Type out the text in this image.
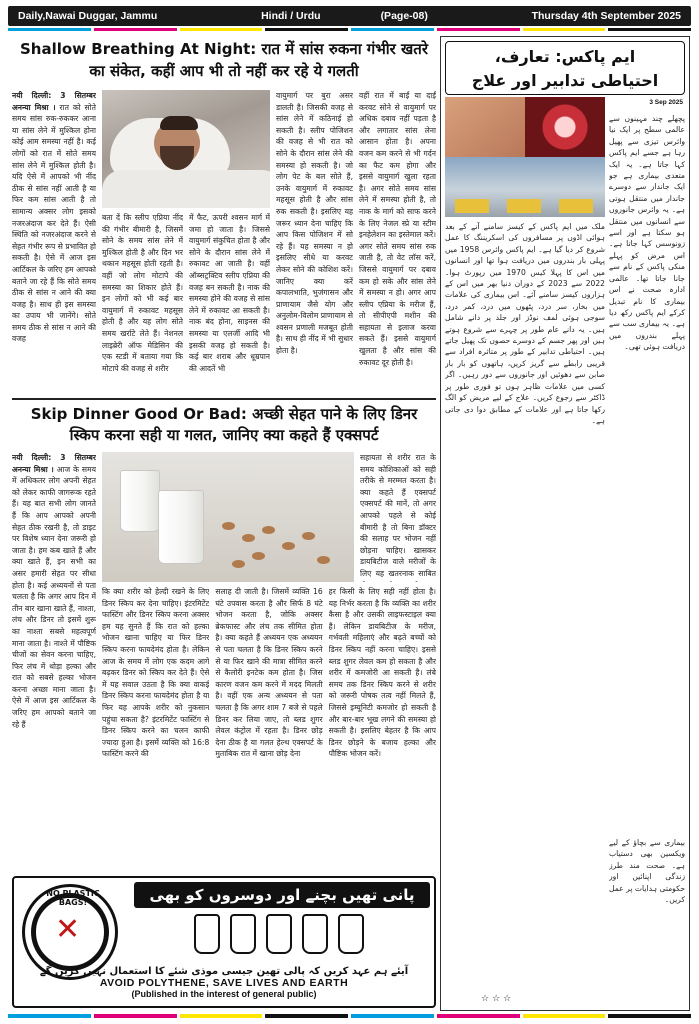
Daily,Nawai Duggar, Jammu	Hindi / Urdu	(Page-08)	Thursday 4th September 2025
Shallow Breathing At Night: रात में सांस रुकना गंभीर खतरे का संकेत, कहीं आप भी तो नहीं कर रहे ये गलती
नयी दिल्ली: 3 सितम्बर अनन्या मिश्रा । रात को सोते समय सांस रुक-रुककर आना या सांस लेने में मुश्किल होना कोई आम समस्या नहीं है। कई लोगों को रात में सोते समय सांस लेने में मुश्किल होती है। यदि ऐसे में आपको भी नींद ठीक से सांस नहीं आती है या फिर कम सांस आती है तो सामान्य अक्सर लोग इसको नजरअंदाज कर देते हैं। ऐसी स्थिति को नजरअंदाज करने से सेहत गंभीर रूप से प्रभावित हो सकती है। ऐसे में आज इस आर्टिकल के जरिए हम आपको बताने जा रहे हैं कि सोते समय ठीक से सांस न आने की क्या वजह है। साथ ही इस समस्या का उपाय भी जानेंगे। सोते समय ठीक से सांस न आने की वजह
बता दें कि स्लीप एप्निया नींद की गंभीर बीमारी है, जिसमें सोने के समय सांस लेने में मुश्किल होती है और दिन भर थकान महसूस होती रहती है। वहीं जो लोग मोटापे की समस्या का शिकार होते हैं। इन लोगों को भी कई बार वायुमार्ग में रुकावट महसूस होती है और यह लोग सोते समय खर्राटे लेते हैं। नेशनल लाइब्रेरी ऑफ मेडिसिन की एक स्टडी में बताया गया कि मोटापे की वजह से शरीर
में फैट, ऊपरी श्वसन मार्ग में जमा हो जाता है। जिससे वायुमार्ग संकुचित होता है और सोने के दौरान सांस लेने में रुकावट आ जाती है। वहीं ऑब्सट्रक्टिव स्लीप एप्निया की वजह बन सकती है। नाक की समस्या होने की वजह से सांस लेने में रुकावट आ सकती है। नाक बंद होना, साइनस की समस्या या एलर्जी आदि भी इसकी वजह हो सकती है। कई बार शराब और धूम्रपान की आदतें भी
वायुमार्ग पर बुरा असर डालती है। जिसकी वजह से सांस लेने में कठिनाई हो सकती है। स्लीप पोजिशन की वजह से भी रात को सोने के दौरान सांस लेने की समस्या हो सकती है। जो लोग पेट के बल सोते हैं, उनके वायुमार्ग में रुकावट महसूस होती है और सांस रुक सकती है। इसलिए यह जरूर ध्यान देना चाहिए कि आप किस पोजिशन में सो रहे हैं। यह समस्या न हो इसलिए सीधे या करवट लेकर सोने की कोशिश करें। जानिए क्या करें कपालभाति, भुजंगासन और प्राणायाम जैसे योग और अनुलोम-विलोम प्राणायाम से श्वसन प्रणाली मजबूत होती है। साथ ही नींद में भी सुधार होता है।
वहीं रात में बाईं या दाईं करवट सोने से वायुमार्ग पर अधिक दबाव नहीं पड़ता है और लगातार सांस लेना आसान होता है। अपना वजन कम करने से भी गर्दन का फैट कम होगा और इससे वायुमार्ग खुला रहता है। अगर सोते समय सांस लेने में समस्या होती है, तो नाक के मार्ग को साफ करने के लिए नेजल स्प्रे या स्टीम इनहेलेशन का इस्तेमाल करें। अगर सोते समय सांस रुक जाती है, तो वेट लॉस करें, जिससे वायुमार्ग पर दबाव कम हो सके और सांस लेने में समस्या न हो। अगर आप स्लीप एप्निया के मरीज हैं, तो सीपीएपी मशीन की सहायता से इलाज करवा सकते हैं। इससे वायुमार्ग खुलता है और सांस की रुकावट दूर होती है।
Skip Dinner Good Or Bad: अच्छी सेहत पाने के लिए डिनर स्किप करना सही या गलत, जानिए क्या कहते हैं एक्सपर्ट
नयी दिल्ली: 3 सितम्बर अनन्या मिश्रा । आज के समय में अधिकतर लोग अपनी सेहत को लेकर काफी जागरूक रहते हैं। यह बात सभी लोग जानते हैं कि आप आपको अपनी सेहत ठीक रखनी है, तो डाइट पर विशेष ध्यान देना जरूरी हो जाता है। हम कब खाते हैं और क्या खाते हैं, इन सभी का असर हमारी सेहत पर सीधा होता है। कई अध्ययनों से पता चलता है कि अगर आप दिन में तीन बार खाना खाते हैं, नाश्ता, लंच और डिनर तो इसमें शुरू का नाश्ता सबसे महत्वपूर्ण माना जाता है। नाश्ते में पौष्टिक चीजों का सेवन करना चाहिए, फिर लंच में थोड़ा हल्का और रात को सबसे हल्का भोजन करना अच्छा माना जाता है। ऐसे में आज इस आर्टिकल के जरिए हम आपको बताने जा रहे हैं
सहायता से शरीर रात के समय कोशिकाओं को सही तरीके से मरम्मत करता है। क्या कहते हैं एक्सपर्ट एक्सपर्ट की मानें, तो अगर आपको पहले से कोई बीमारी है तो बिना डॉक्टर की सलाह पर भोजन नहीं छोड़ना चाहिए। खासकर डायबिटीज वाले मरीजों के लिए यह खतरनाक साबित
कि क्या शरीर को हेल्दी रखने के लिए डिनर स्किप कर देना चाहिए। इंटरमिटेंट फास्टिंग और डिनर स्किप करना अक्सर हम यह सुनते हैं कि रात को हल्का भोजन खाना चाहिए या फिर डिनर स्किप करना फायदेमंद होता है। लेकिन आज के समय में लोग एक कदम आगे बढ़कर डिनर को स्किप कर देते हैं। ऐसे में यह सवाल उठता है कि क्या वाकई डिनर स्किप करना फायदेमंद होता है या फिर यह आपके शरीर को नुकसान पहुंचा सकता है? इंटरमिटेंट फास्टिंग से डिनर स्किप करने का चलन काफी ज्यादा हुआ है। इसमें व्यक्ति को 16:8 फास्टिंग करने की
सलाह दी जाती है। जिसमें व्यक्ति 16 घंटे उपवास करता है और सिर्फ 8 घंटे भोजन करता है, जोकि अक्सर ब्रेकफास्ट और लंच तक सीमित होता है। क्या कहते हैं अध्ययन एक अध्ययन से पता चलता है कि डिनर स्किप करने से या फिर खाने की मात्रा सीमित करने से कैलोरी इनटेक कम होता है। जिस कारण वजन कम करने में मदद मिलती है। वहीं एक अन्य अध्ययन से पता चलता है कि अगर शाम 7 बजे से पहले डिनर कर लिया जाए, तो ब्लड शुगर लेवल कंट्रोल में रहता है। डिनर छोड़ देना ठीक है या गलत हेल्थ एक्सपर्ट के मुताबिक रात में खाना छोड़ देना
हर किसी के लिए सही नहीं होता है। यह निर्भर करता है कि व्यक्ति का शरीर कैसा है और उसकी लाइफस्टाइल क्या है। लेकिन डायबिटीज के मरीज, गर्भवती महिलाएं और बढ़ते बच्चों को डिनर स्किप नहीं करना चाहिए। इससे ब्लड शुगर लेवल कम हो सकता है और शरीर में कमजोरी आ सकती है। लंबे समय तक डिनर स्किप करने से शरीर को जरूरी पोषक तत्व नहीं मिलते हैं, जिससे इम्यूनिटी कमजोर हो सकती है और बार-बार भूख लगने की समस्या हो सकती है। इसलिए बेहतर है कि आप डिनर छोड़ने के बजाय हल्का और पौष्टिक भोजन करें।
NO PLASTIC BAGS!
✕
پانی تھیں بچنے اور دوسروں کو بھی بچائیے
آیئے ہم عہد کریں کہ پالی تھین جیسی موذی شئے کا استعمال نہیں کریں گے
AVOID POLYTHENE, SAVE LIVES AND EARTH
(Published in the interest of general public)
ایم پاکس: تعارف،
احتیاطی تدابیر اور علاج
3 Sep 2025
پچھلے چند مہینوں سے عالمی سطح پر ایک نیا وائرس تیزی سے پھیل رہا ہے جسے ایم پاکس کہا جاتا ہے۔ یہ ایک متعدی بیماری ہے جو ایک جاندار سے دوسرے جاندار میں منتقل ہوتی ہے۔ یہ وائرس جانوروں سے انسانوں میں منتقل ہو سکتا ہے اور اسے زونوسس کہا جاتا ہے۔ اس مرض کو پہلے منکی پاکس کے نام سے جانا جاتا تھا۔ عالمی ادارہ صحت نے اس بیماری کا نام تبدیل کرکے ایم پاکس رکھ دیا ہے۔ یہ بیماری سب سے پہلے بندروں میں دریافت ہوئی تھی۔
ملک میں ایم پاکس کے کیسز سامنے آنے کے بعد ہوائی اڈوں پر مسافروں کی اسکریننگ کا عمل شروع کر دیا گیا ہے۔ ایم پاکس وائرس 1958 میں پہلی بار بندروں میں دریافت ہوا تھا اور انسانوں میں اس کا پہلا کیس 1970 میں رپورٹ ہوا۔ 2022 سے 2023 کے دوران دنیا بھر میں اس کے ہزاروں کیسز سامنے آئے۔ اس بیماری کی علامات میں بخار، سر درد، پٹھوں میں درد، کمر درد، سوجی ہوئی لمف نوڈز اور جلد پر دانے شامل ہیں۔ یہ دانے عام طور پر چہرے سے شروع ہوتے ہیں اور پھر جسم کے دوسرے حصوں تک پھیل جاتے ہیں۔ احتیاطی تدابیر کے طور پر متاثرہ افراد سے قریبی رابطے سے گریز کریں، ہاتھوں کو بار بار صابن سے دھوئیں اور جانوروں سے دور رہیں۔ اگر کسی میں علامات ظاہر ہوں تو فوری طور پر ڈاکٹر سے رجوع کریں۔ علاج کے لیے مریض کو الگ رکھا جاتا ہے اور علامات کے مطابق دوا دی جاتی ہے۔
بیماری سے بچاؤ کے لیے ویکسین بھی دستیاب ہے۔ صحت مند طرز زندگی اپنائیں اور حکومتی ہدایات پر عمل کریں۔
☆☆☆
